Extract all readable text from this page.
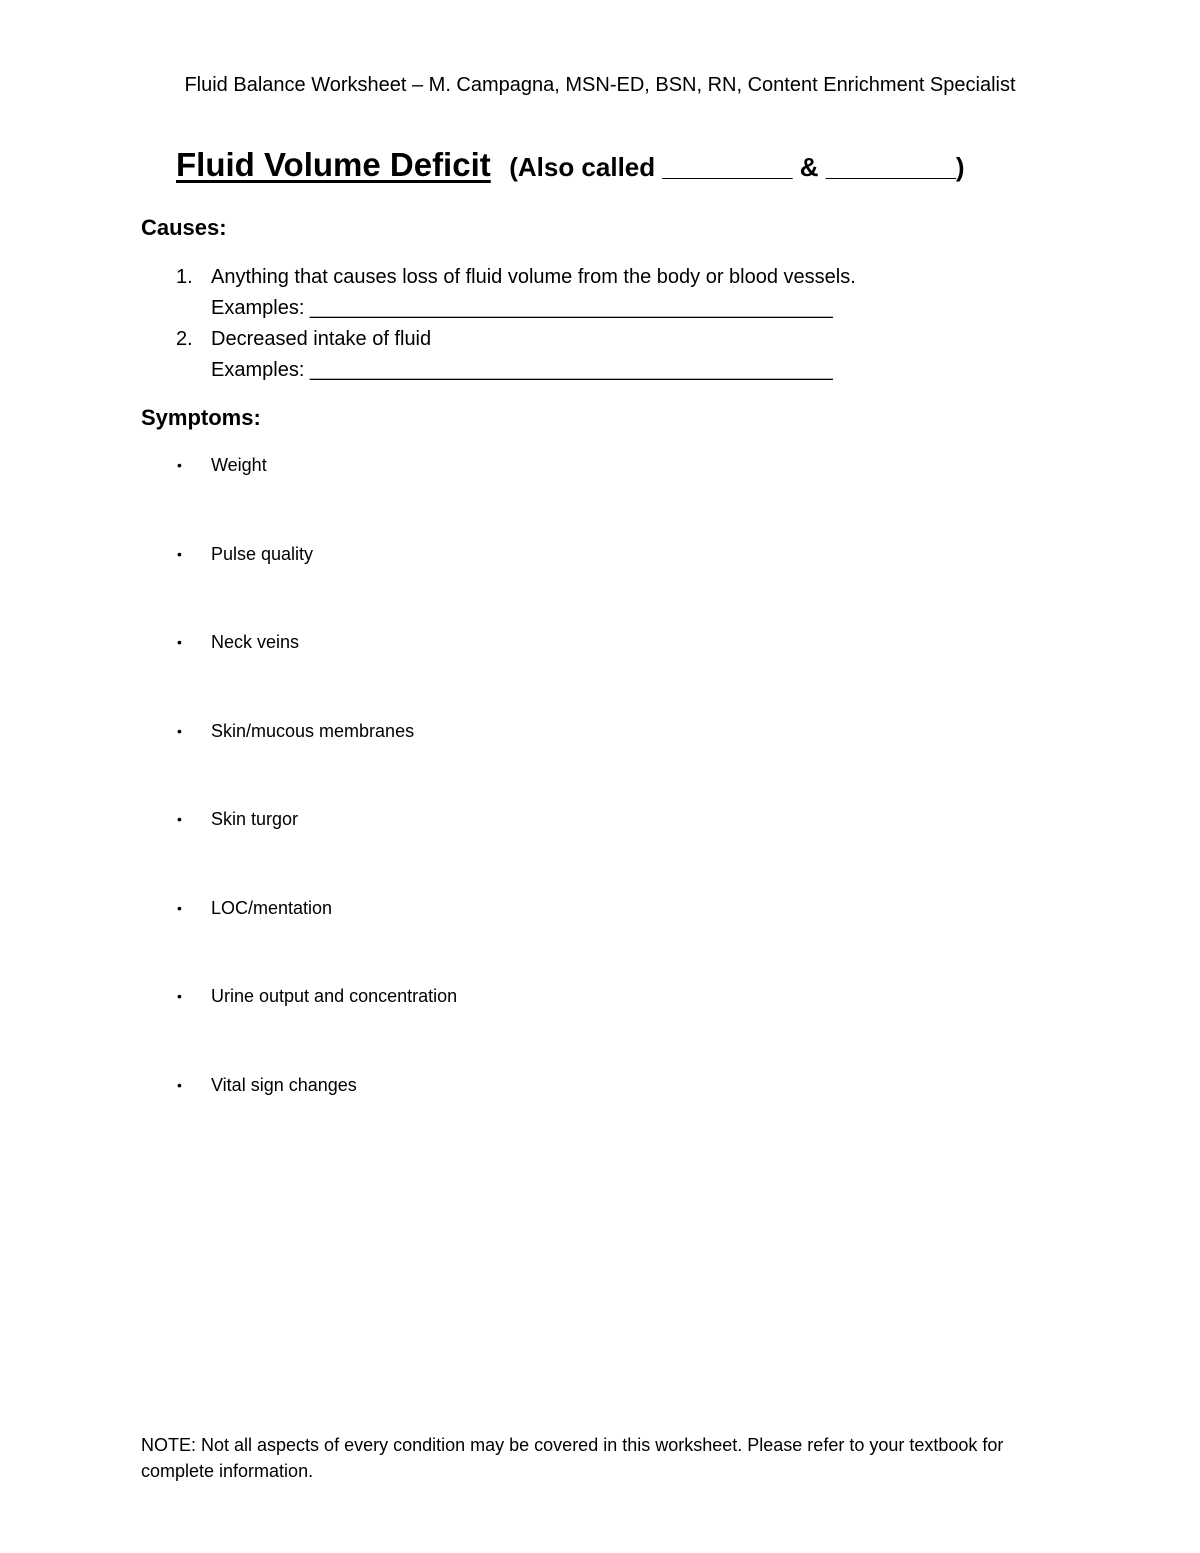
Fluid Balance Worksheet – M. Campagna, MSN-ED, BSN, RN, Content Enrichment Specialist
Fluid Volume Deficit (Also called _________ & _________)
Causes:
1. Anything that causes loss of fluid volume from the body or blood vessels.
Examples: _______________________________________________
2. Decreased intake of fluid
Examples: _______________________________________________
Symptoms:
• Weight
• Pulse quality
• Neck veins
• Skin/mucous membranes
• Skin turgor
• LOC/mentation
• Urine output and concentration
• Vital sign changes
NOTE: Not all aspects of every condition may be covered in this worksheet. Please refer to your textbook for complete information.
